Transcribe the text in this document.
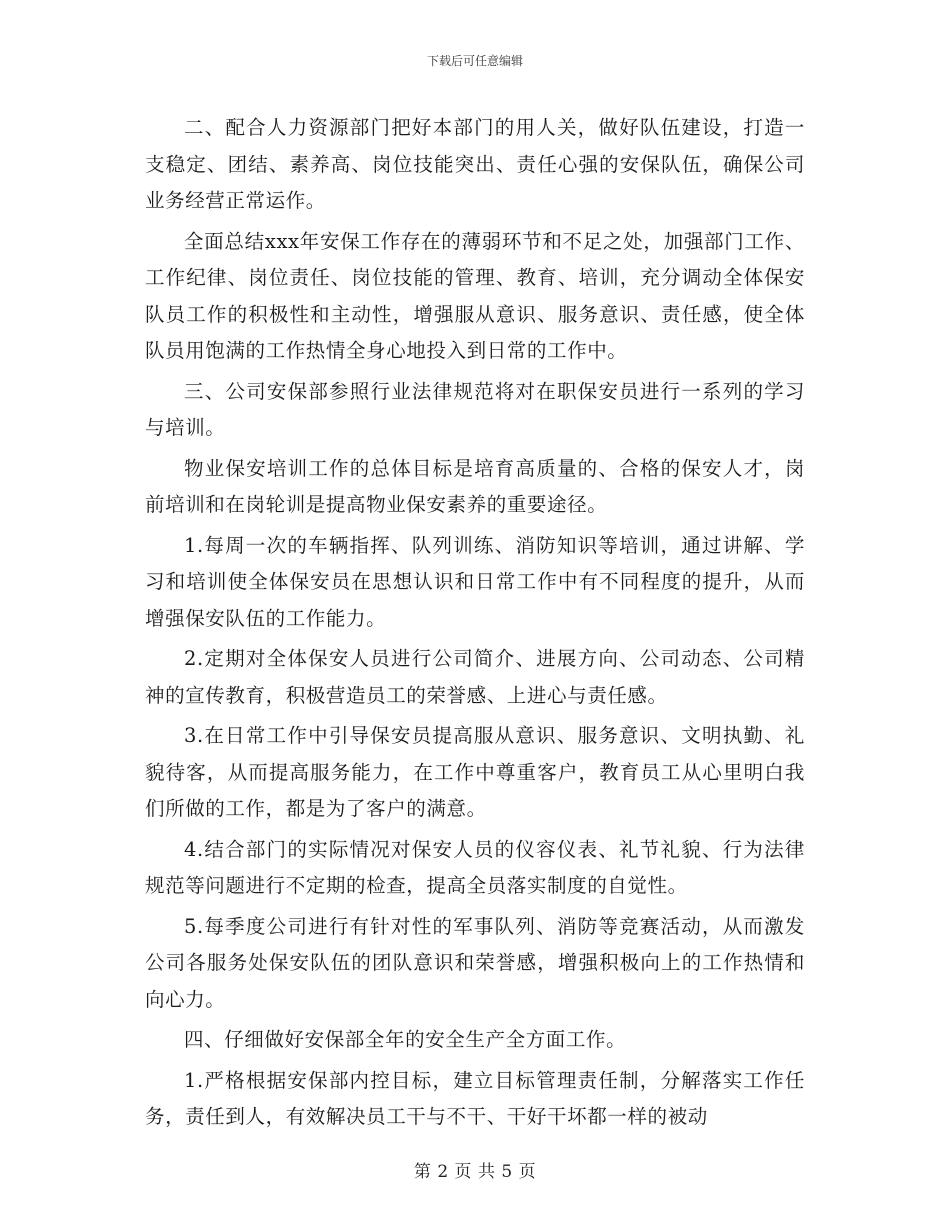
下载后可任意编辑

二、配合人力资源部门把好本部门的用人关，做好队伍建设，打造一支稳定、团结、素养高、岗位技能突出、责任心强的安保队伍，确保公司业务经营正常运作。

全面总结xxx年安保工作存在的薄弱环节和不足之处，加强部门工作、工作纪律、岗位责任、岗位技能的管理、教育、培训，充分调动全体保安队员工作的积极性和主动性，增强服从意识、服务意识、责任感，使全体队员用饱满的工作热情全身心地投入到日常的工作中。

三、公司安保部参照行业法律规范将对在职保安员进行一系列的学习与培训。

物业保安培训工作的总体目标是培育高质量的、合格的保安人才，岗前培训和在岗轮训是提高物业保安素养的重要途径。

1.每周一次的车辆指挥、队列训练、消防知识等培训，通过讲解、学习和培训使全体保安员在思想认识和日常工作中有不同程度的提升，从而增强保安队伍的工作能力。

2.定期对全体保安人员进行公司简介、进展方向、公司动态、公司精神的宣传教育，积极营造员工的荣誉感、上进心与责任感。

3.在日常工作中引导保安员提高服从意识、服务意识、文明执勤、礼貌待客，从而提高服务能力，在工作中尊重客户，教育员工从心里明白我们所做的工作，都是为了客户的满意。

4.结合部门的实际情况对保安人员的仪容仪表、礼节礼貌、行为法律规范等问题进行不定期的检查，提高全员落实制度的自觉性。

5.每季度公司进行有针对性的军事队列、消防等竞赛活动，从而激发公司各服务处保安队伍的团队意识和荣誉感，增强积极向上的工作热情和向心力。

四、仔细做好安保部全年的安全生产全方面工作。

1.严格根据安保部内控目标，建立目标管理责任制，分解落实工作任务，责任到人，有效解决员工干与不干、干好干坏都一样的被动

第 2 页 共 5 页
